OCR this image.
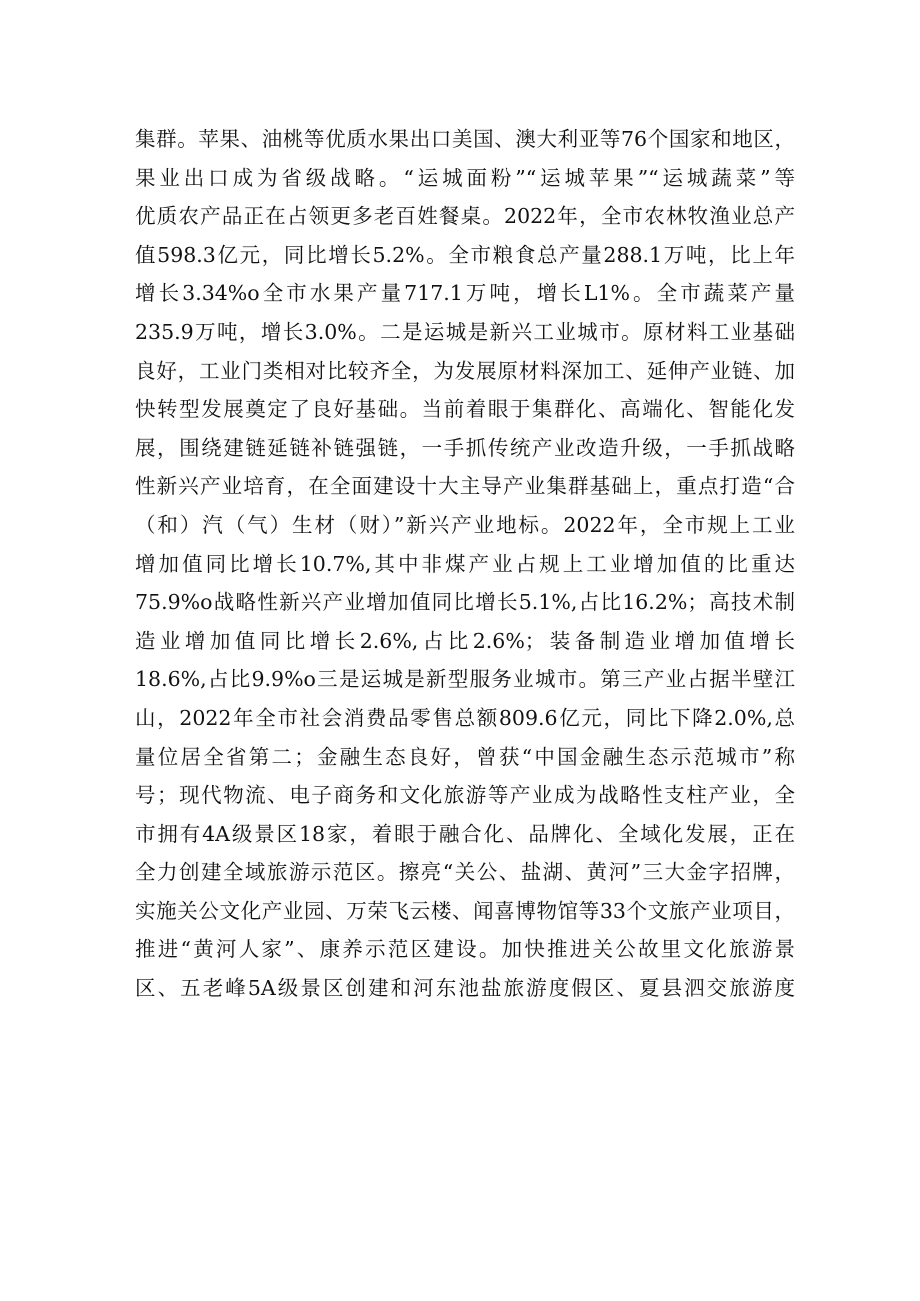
集群。苹果、油桃等优质水果出口美国、澳大利亚等76个国家和地区，
果业出口成为省级战略。“运城面粉”“运城苹果”“运城蔬菜”等
优质农产品正在占领更多老百姓餐桌。2022年，全市农林牧渔业总产
值598.3亿元，同比增长5.2%。全市粮食总产量288.1万吨，比上年
增长3.34%o全市水果产量717.1万吨，增长L1%。全市蔬菜产量
235.9万吨，增长3.0%。二是运城是新兴工业城市。原材料工业基础
良好，工业门类相对比较齐全，为发展原材料深加工、延伸产业链、加
快转型发展奠定了良好基础。当前着眼于集群化、高端化、智能化发
展，围绕建链延链补链强链，一手抓传统产业改造升级，一手抓战略
性新兴产业培育，在全面建设十大主导产业集群基础上，重点打造“合
（和）汽（气）生材（财）”新兴产业地标。2022年，全市规上工业
增加值同比增长10.7%,其中非煤产业占规上工业增加值的比重达
75.9%o战略性新兴产业增加值同比增长5.1%,占比16.2%；高技术制
造业增加值同比增长2.6%,占比2.6%；装备制造业增加值增长
18.6%,占比9.9%o三是运城是新型服务业城市。第三产业占据半壁江
山，2022年全市社会消费品零售总额809.6亿元，同比下降2.0%,总
量位居全省第二；金融生态良好，曾获“中国金融生态示范城市”称
号；现代物流、电子商务和文化旅游等产业成为战略性支柱产业，全
市拥有4A级景区18家，着眼于融合化、品牌化、全域化发展，正在
全力创建全域旅游示范区。擦亮“关公、盐湖、黄河”三大金字招牌，
实施关公文化产业园、万荣飞云楼、闻喜博物馆等33个文旅产业项目，
推进“黄河人家”、康养示范区建设。加快推进关公故里文化旅游景
区、五老峰5A级景区创建和河东池盐旅游度假区、夏县泗交旅游度
